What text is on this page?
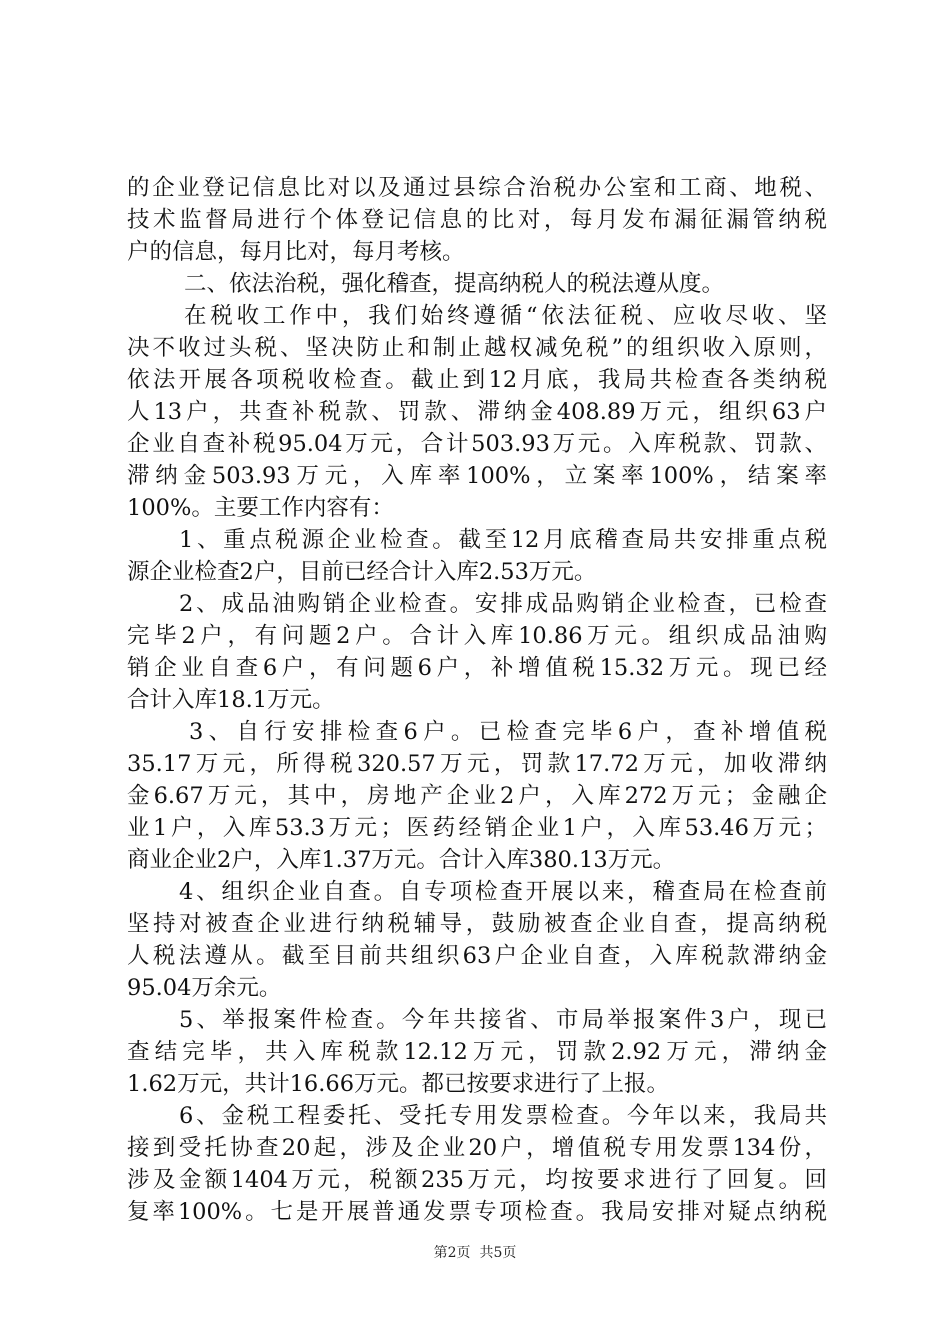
的企业登记信息比对以及通过县综合治税办公室和工商、地税、
技术监督局进行个体登记信息的比对，每月发布漏征漏管纳税
户的信息，每月比对，每月考核。
二、依法治税，强化稽查，提高纳税人的税法遵从度。
在税收工作中，我们始终遵循“依法征税、应收尽收、坚
决不收过头税、坚决防止和制止越权减免税”的组织收入原则，
依法开展各项税收检查。截止到12月底，我局共检查各类纳税
人13户，共查补税款、罚款、滞纳金408.89万元，组织63户
企业自查补税95.04万元，合计503.93万元。入库税款、罚款、
滞纳金503.93万元，入库率100%，立案率100%，结案率
100%。主要工作内容有：
1、重点税源企业检查。截至12月底稽查局共安排重点税
源企业检查2户，目前已经合计入库2.53万元。
2、成品油购销企业检查。安排成品购销企业检查，已检查
完毕2户，有问题2户。合计入库10.86万元。组织成品油购
销企业自查6户，有问题6户，补增值税15.32万元。现已经
合计入库18.1万元。
3、自行安排检查6户。已检查完毕6户，查补增值税
35.17万元，所得税320.57万元，罚款17.72万元，加收滞纳
金6.67万元，其中，房地产企业2户，入库272万元；金融企
业1户，入库53.3万元；医药经销企业1户，入库53.46万元；
商业企业2户，入库1.37万元。合计入库380.13万元。
4、组织企业自查。自专项检查开展以来，稽查局在检查前
坚持对被查企业进行纳税辅导，鼓励被查企业自查，提高纳税
人税法遵从。截至目前共组织63户企业自查，入库税款滞纳金
95.04万余元。
5、举报案件检查。今年共接省、市局举报案件3户，现已
查结完毕，共入库税款12.12万元，罚款2.92万元，滞纳金
1.62万元，共计16.66万元。都已按要求进行了上报。
6、金税工程委托、受托专用发票检查。今年以来，我局共
接到受托协查20起，涉及企业20户，增值税专用发票134份，
涉及金额1404万元，税额235万元，均按要求进行了回复。回
复率100%。七是开展普通发票专项检查。我局安排对疑点纳税
第2页 共5页
